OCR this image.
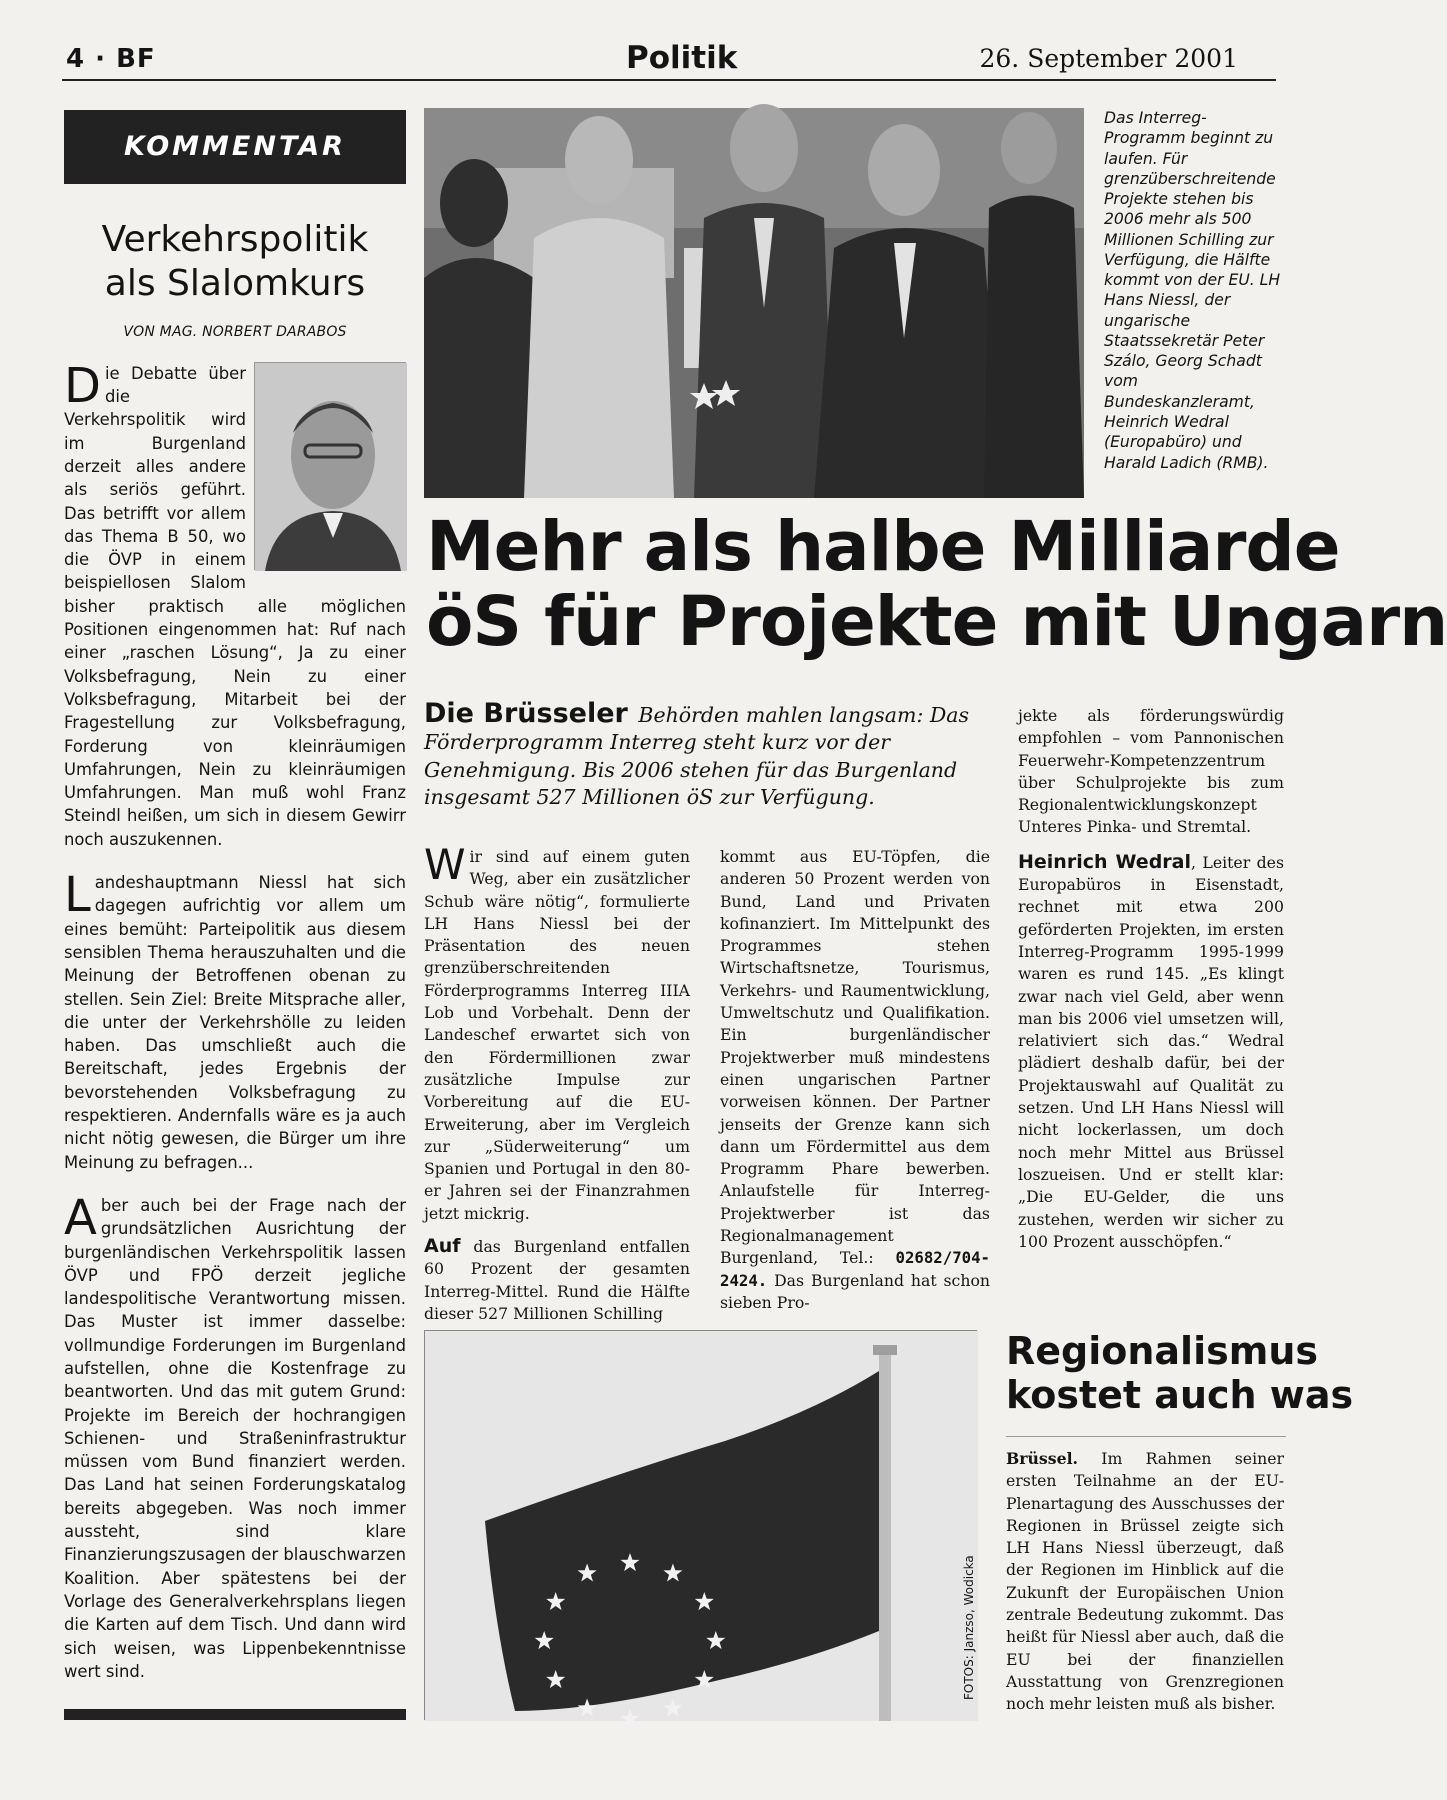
4 · BF	Politik	26. September 2001
KOMMENTAR
Verkehrspolitik
als Slalomkurs
VON MAG. NORBERT DARABOS

Die Debatte über die Verkehrspolitik wird im Burgenland derzeit alles andere als seriös geführt. Das betrifft vor allem das Thema B 50, wo die ÖVP in einem beispiellosen Slalom bisher praktisch alle möglichen Positionen eingenommen hat: Ruf nach einer „raschen Lösung“, Ja zu einer Volksbefragung, Nein zu einer Volksbefragung, Mitarbeit bei der Fragestellung zur Volksbefragung, Forderung von kleinräumigen Umfahrungen, Nein zu kleinräumigen Umfahrungen. Man muß wohl Franz Steindl heißen, um sich in diesem Gewirr noch auszukennen.

Landeshauptmann Niessl hat sich dagegen aufrichtig vor allem um eines bemüht: Parteipolitik aus diesem sensiblen Thema herauszuhalten und die Meinung der Betroffenen obenan zu stellen. Sein Ziel: Breite Mitsprache aller, die unter der Verkehrshölle zu leiden haben. Das umschließt auch die Bereitschaft, jedes Ergebnis der bevorstehenden Volksbefragung zu respektieren. Andernfalls wäre es ja auch nicht nötig gewesen, die Bürger um ihre Meinung zu befragen...

Aber auch bei der Frage nach der grundsätzlichen Ausrichtung der burgenländischen Verkehrspolitik lassen ÖVP und FPÖ derzeit jegliche landespolitische Verantwortung missen. Das Muster ist immer dasselbe: vollmundige Forderungen im Burgenland aufstellen, ohne die Kostenfrage zu beantworten. Und das mit gutem Grund: Projekte im Bereich der hochrangigen Schienen- und Straßeninfrastruktur müssen vom Bund finanziert werden. Das Land hat seinen Forderungskatalog bereits abgegeben. Was noch immer aussteht, sind klare Finanzierungszusagen der blauschwarzen Koalition. Aber spätestens bei der Vorlage des Generalverkehrsplans liegen die Karten auf dem Tisch. Und dann wird sich weisen, was Lippenbekenntnisse wert sind.

Das Interreg-Programm beginnt zu laufen. Für grenzüberschreitende Projekte stehen bis 2006 mehr als 500 Millionen Schilling zur Verfügung, die Hälfte kommt von der EU. LH Hans Niessl, der ungarische Staatssekretär Peter Szálo, Georg Schadt vom Bundeskanzleramt, Heinrich Wedral (Europabüro) und Harald Ladich (RMB).
Mehr als halbe Milliarde
öS für Projekte mit Ungarn
Die Brüsseler Behörden mahlen langsam: Das Förderprogramm Interreg steht kurz vor der Genehmigung. Bis 2006 stehen für das Burgenland insgesamt 527 Millionen öS zur Verfügung.

Wir sind auf einem guten Weg, aber ein zusätzlicher Schub wäre nötig“, formulierte LH Hans Niessl bei der Präsentation des neuen grenzüberschreitenden Förderprogramms Interreg IIIA Lob und Vorbehalt. Denn der Landeschef erwartet sich von den Fördermillionen zwar zusätzliche Impulse zur Vorbereitung auf die EU-Erweiterung, aber im Vergleich zur „Süderweiterung“ um Spanien und Portugal in den 80-er Jahren sei der Finanzrahmen jetzt mickrig.

Auf das Burgenland entfallen 60 Prozent der gesamten Interreg-Mittel. Rund die Hälfte dieser 527 Millionen Schilling

kommt aus EU-Töpfen, die anderen 50 Prozent werden von Bund, Land und Privaten kofinanziert. Im Mittelpunkt des Programmes stehen Wirtschaftsnetze, Tourismus, Verkehrs- und Raumentwicklung, Umweltschutz und Qualifikation. Ein burgenländischer Projektwerber muß mindestens einen ungarischen Partner vorweisen können. Der Partner jenseits der Grenze kann sich dann um Fördermittel aus dem Programm Phare bewerben. Anlaufstelle für Interreg-Projektwerber ist das Regionalmanagement Burgenland, Tel.: 02682/704-2424. Das Burgenland hat schon sieben Pro-

jekte als förderungswürdig empfohlen – vom Pannonischen Feuerwehr-Kompetenzzentrum über Schulprojekte bis zum Regionalentwicklungskonzept Unteres Pinka- und Stremtal.

Heinrich Wedral, Leiter des Europabüros in Eisenstadt, rechnet mit etwa 200 geförderten Projekten, im ersten Interreg-Programm 1995-1999 waren es rund 145. „Es klingt zwar nach viel Geld, aber wenn man bis 2006 viel umsetzen will, relativiert sich das.“ Wedral plädiert deshalb dafür, bei der Projektauswahl auf Qualität zu setzen. Und LH Hans Niessl will nicht lockerlassen, um doch noch mehr Mittel aus Brüssel loszueisen. Und er stellt klar: „Die EU-Gelder, die uns zustehen, werden wir sicher zu 100 Prozent ausschöpfen.“

FOTOS: Janzso, Wodicka
Regionalismus
kostet auch was

Brüssel. Im Rahmen seiner ersten Teilnahme an der EU-Plenartagung des Ausschusses der Regionen in Brüssel zeigte sich LH Hans Niessl überzeugt, daß der Regionen im Hinblick auf die Zukunft der Europäischen Union zentrale Bedeutung zukommt. Das heißt für Niessl aber auch, daß die EU bei der finanziellen Ausstattung von Grenzregionen noch mehr leisten muß als bisher.
